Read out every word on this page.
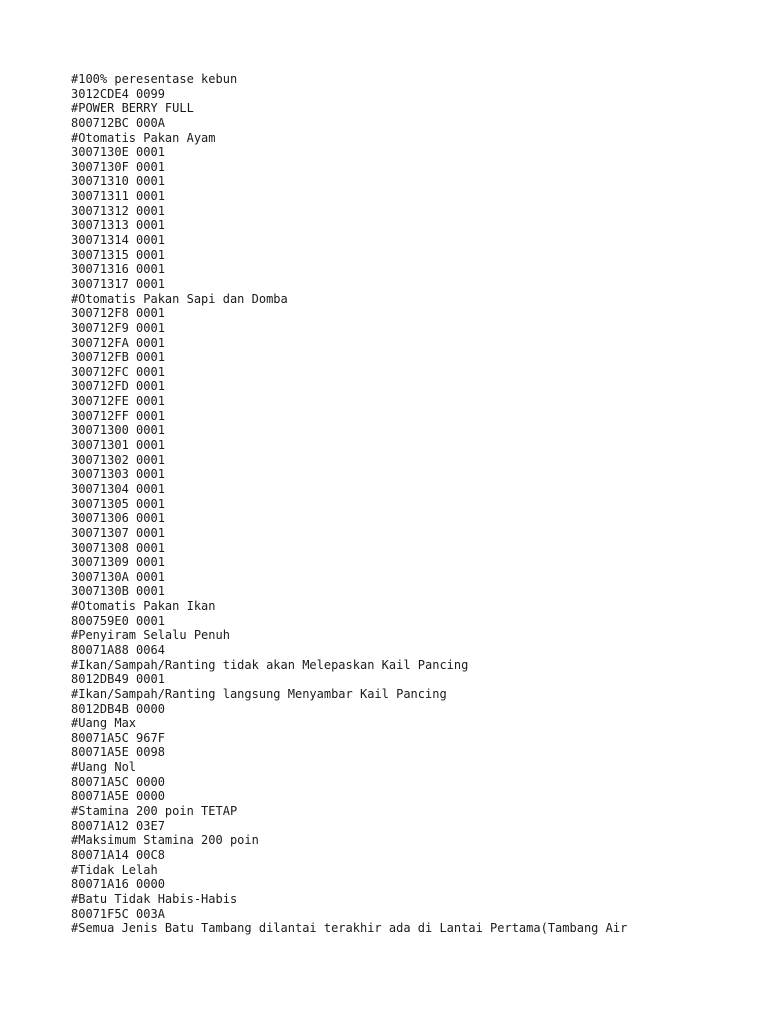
#100% peresentase kebun
3012CDE4 0099
#POWER BERRY FULL
800712BC 000A
#Otomatis Pakan Ayam
3007130E 0001
3007130F 0001
30071310 0001
30071311 0001
30071312 0001
30071313 0001
30071314 0001
30071315 0001
30071316 0001
30071317 0001
#Otomatis Pakan Sapi dan Domba
300712F8 0001
300712F9 0001
300712FA 0001
300712FB 0001
300712FC 0001
300712FD 0001
300712FE 0001
300712FF 0001
30071300 0001
30071301 0001
30071302 0001
30071303 0001
30071304 0001
30071305 0001
30071306 0001
30071307 0001
30071308 0001
30071309 0001
3007130A 0001
3007130B 0001
#Otomatis Pakan Ikan
800759E0 0001
#Penyiram Selalu Penuh
80071A88 0064
#Ikan/Sampah/Ranting tidak akan Melepaskan Kail Pancing
8012DB49 0001
#Ikan/Sampah/Ranting langsung Menyambar Kail Pancing
8012DB4B 0000
#Uang Max
80071A5C 967F
80071A5E 0098
#Uang Nol
80071A5C 0000
80071A5E 0000
#Stamina 200 poin TETAP
80071A12 03E7
#Maksimum Stamina 200 poin
80071A14 00C8
#Tidak Lelah
80071A16 0000
#Batu Tidak Habis-Habis
80071F5C 003A
#Semua Jenis Batu Tambang dilantai terakhir ada di Lantai Pertama(Tambang Air
